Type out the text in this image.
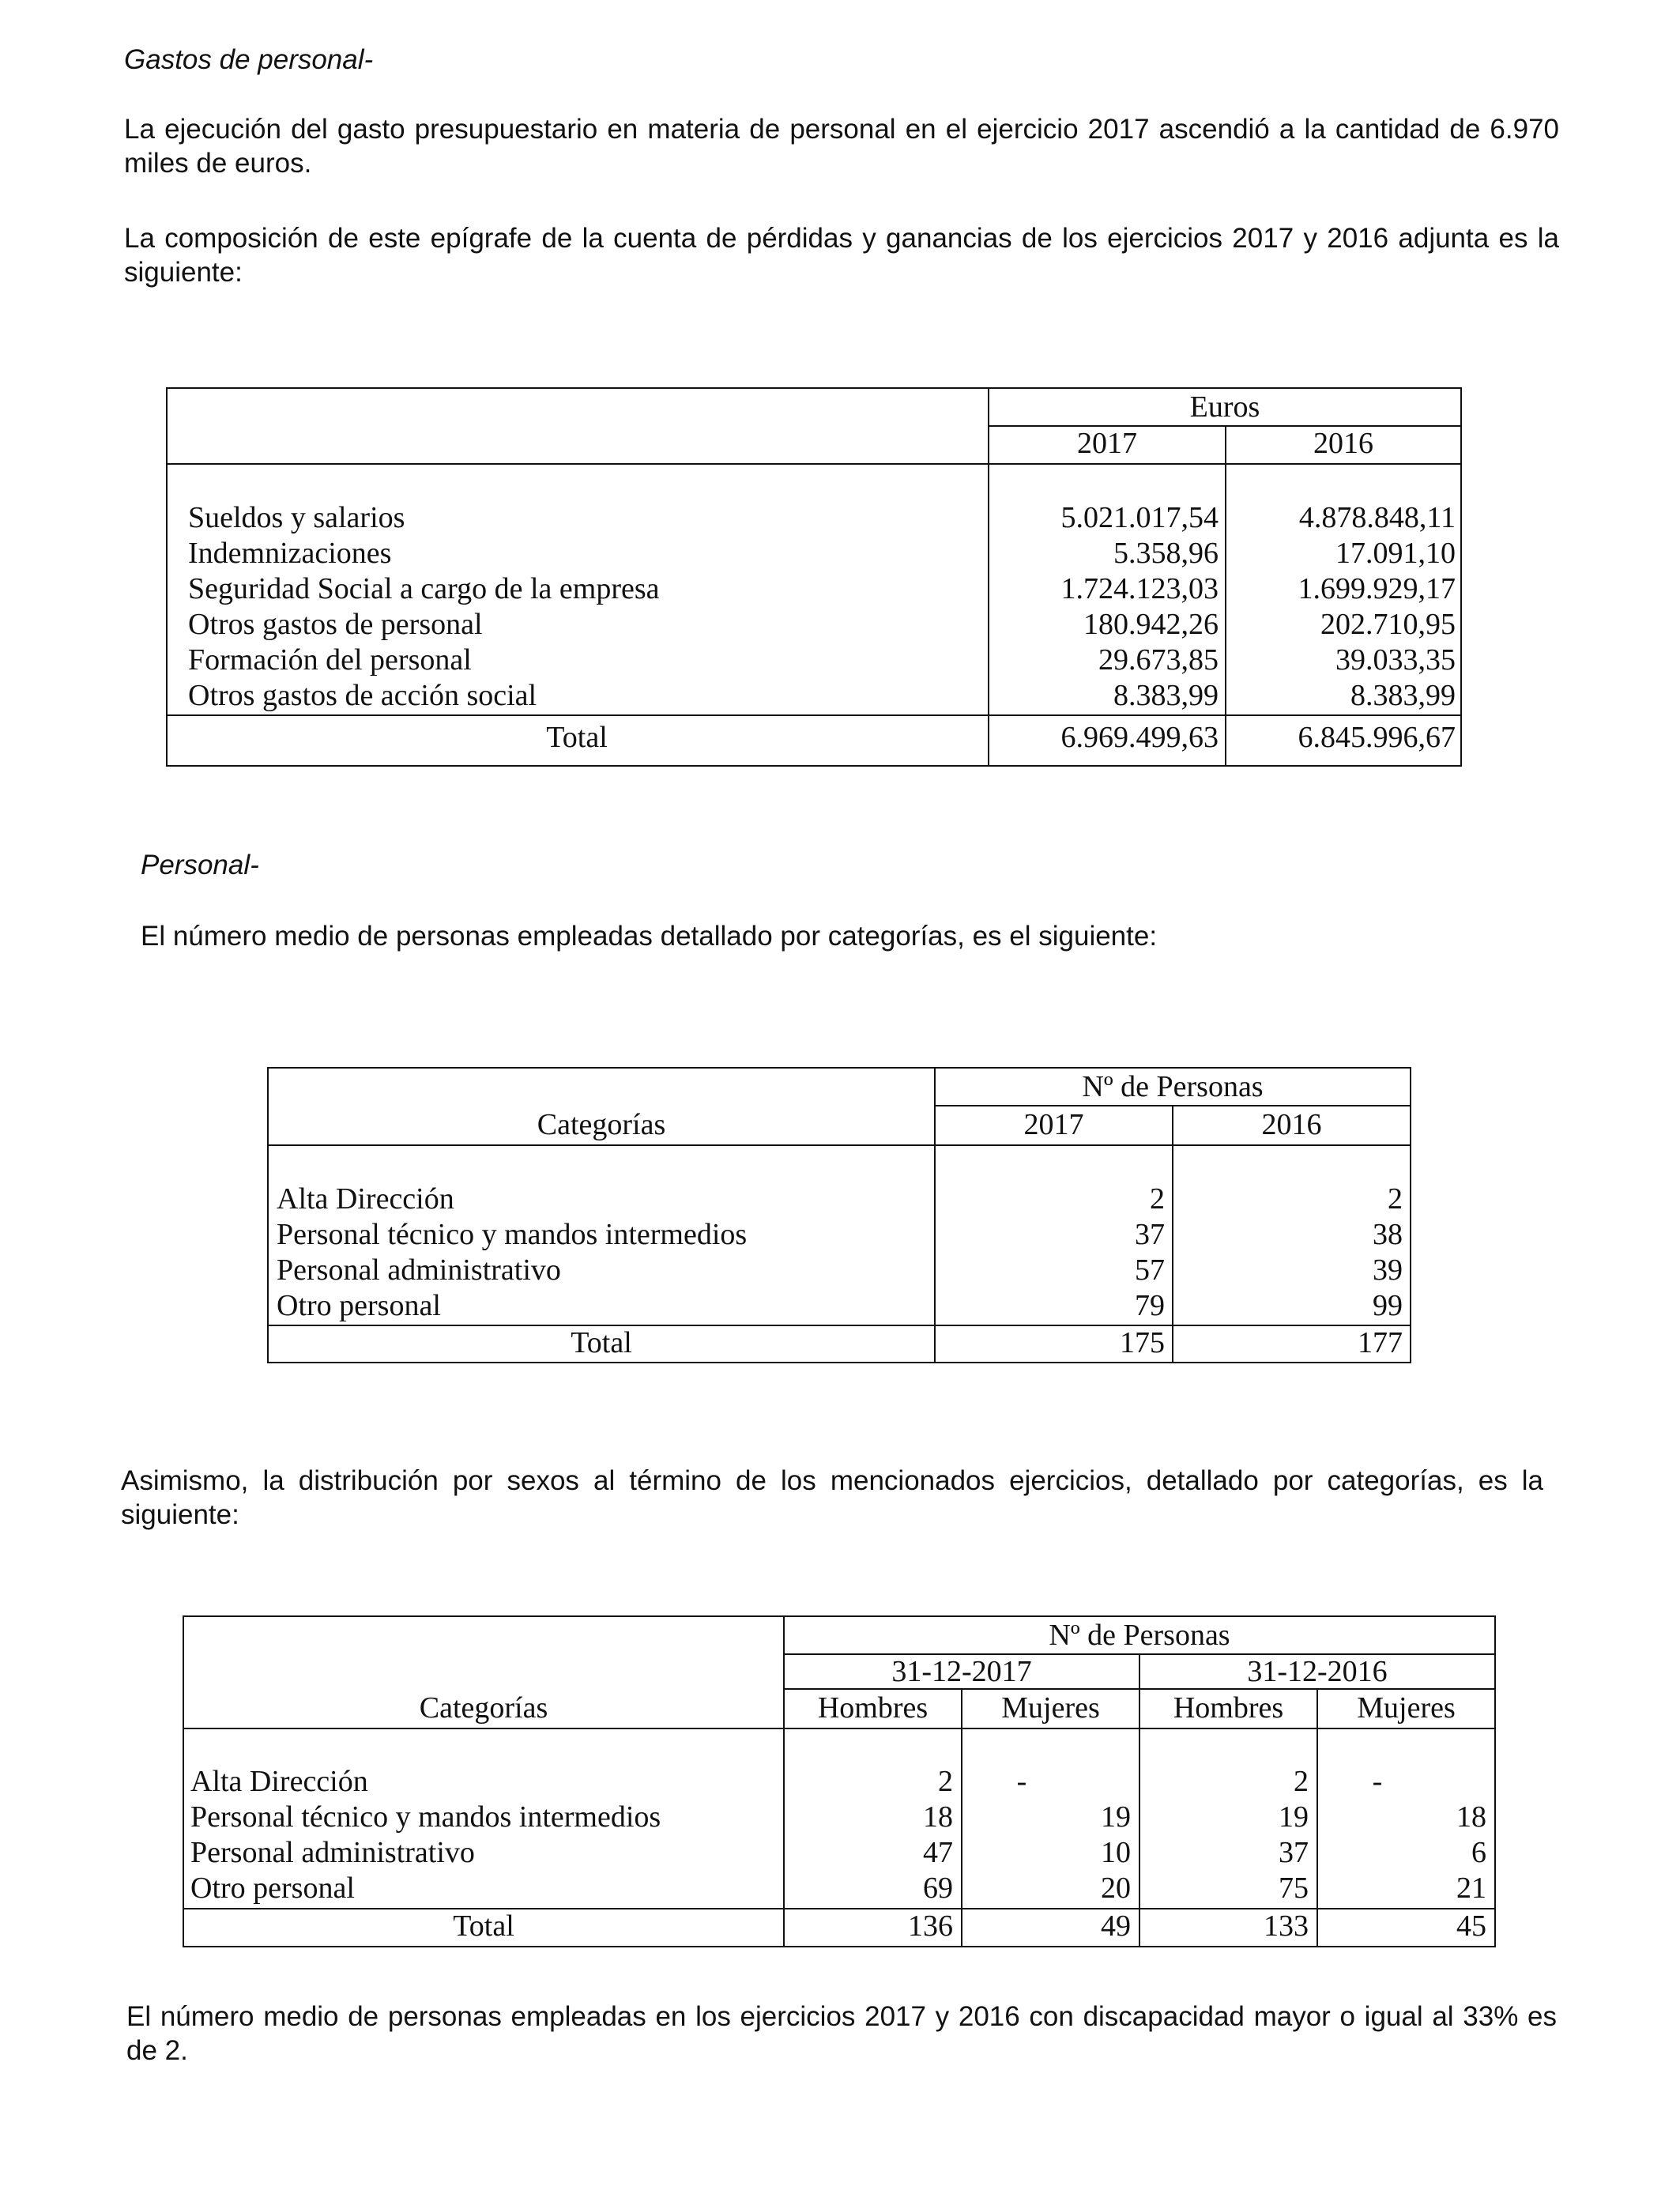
Gastos de personal-
La ejecución del gasto presupuestario en materia de personal en el ejercicio 2017 ascendió a la cantidad de 6.970 miles de euros.
La composición de este epígrafe de la cuenta de pérdidas y ganancias de los ejercicios 2017 y 2016 adjunta es la siguiente:
Euros
2017	2016
Sueldos y salarios	5.021.017,54	4.878.848,11
Indemnizaciones	5.358,96	17.091,10
Seguridad Social a cargo de la empresa	1.724.123,03	1.699.929,17
Otros gastos de personal	180.942,26	202.710,95
Formación del personal	29.673,85	39.033,35
Otros gastos de acción social	8.383,99	8.383,99
Total	6.969.499,63	6.845.996,67
Personal-
El número medio de personas empleadas detallado por categorías, es el siguiente:
Nº de Personas
Categorías	2017	2016
Alta Dirección	2	2
Personal técnico y mandos intermedios	37	38
Personal administrativo	57	39
Otro personal	79	99
Total	175	177
Asimismo, la distribución por sexos al término de los mencionados ejercicios, detallado por categorías, es la siguiente:
Nº de Personas
31-12-2017	31-12-2016
Categorías	Hombres	Mujeres	Hombres	Mujeres
Alta Dirección	2	-	2	-
Personal técnico y mandos intermedios	18	19	19	18
Personal administrativo	47	10	37	6
Otro personal	69	20	75	21
Total	136	49	133	45
El número medio de personas empleadas en los ejercicios 2017 y 2016 con discapacidad mayor o igual al 33% es de 2.
